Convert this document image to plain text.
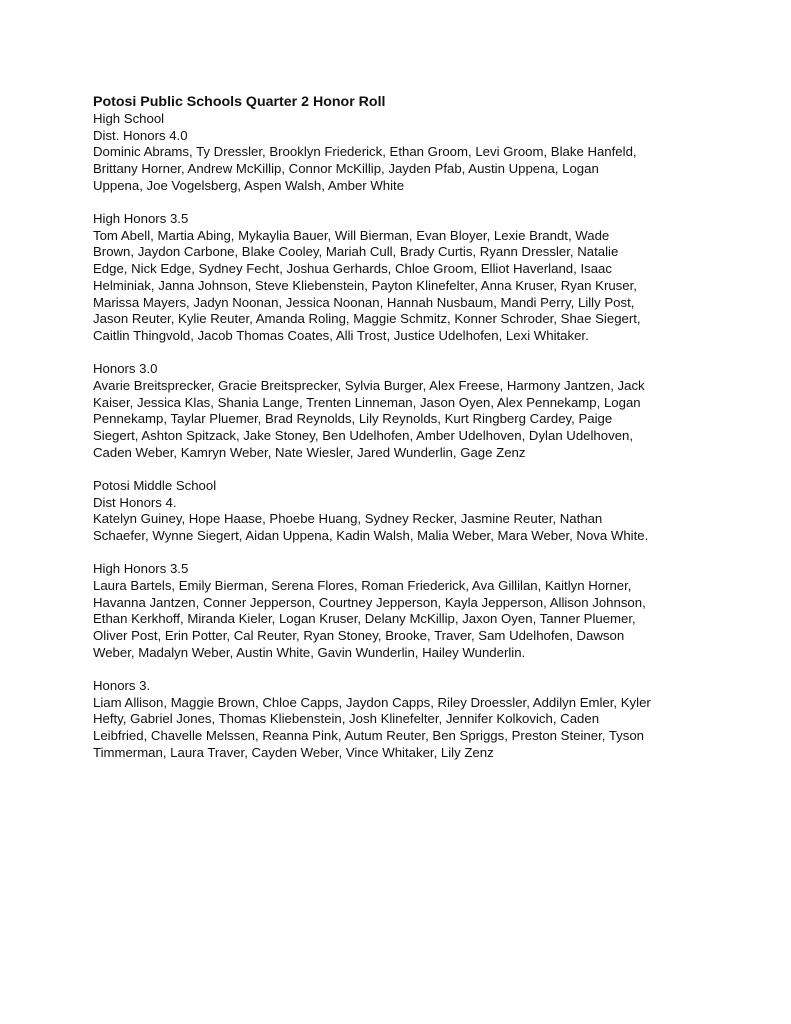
Potosi Public Schools Quarter 2 Honor Roll

High School

Dist. Honors 4.0

Dominic Abrams, Ty Dressler, Brooklyn Friederick, Ethan Groom, Levi Groom, Blake Hanfeld,

Brittany Horner, Andrew McKillip, Connor McKillip, Jayden Pfab, Austin Uppena, Logan

Uppena, Joe Vogelsberg, Aspen Walsh, Amber White

High Honors 3.5

Tom Abell, Martia Abing, Mykaylia Bauer, Will Bierman, Evan Bloyer, Lexie Brandt, Wade

Brown, Jaydon Carbone, Blake Cooley, Mariah Cull, Brady Curtis, Ryann Dressler, Natalie

Edge, Nick Edge, Sydney Fecht, Joshua Gerhards, Chloe Groom, Elliot Haverland, Isaac

Helminiak, Janna Johnson, Steve Kliebenstein, Payton Klinefelter, Anna Kruser, Ryan Kruser,

Marissa Mayers, Jadyn Noonan, Jessica Noonan, Hannah Nusbaum, Mandi Perry, Lilly Post,

Jason Reuter, Kylie Reuter, Amanda Roling, Maggie Schmitz, Konner Schroder, Shae Siegert,

Caitlin Thingvold, Jacob Thomas Coates, Alli Trost, Justice Udelhofen, Lexi Whitaker.

Honors 3.0

Avarie Breitsprecker, Gracie Breitsprecker, Sylvia Burger, Alex Freese, Harmony Jantzen, Jack

Kaiser, Jessica Klas, Shania Lange, Trenten Linneman, Jason Oyen, Alex Pennekamp, Logan

Pennekamp, Taylar Pluemer, Brad Reynolds, Lily Reynolds, Kurt Ringberg Cardey, Paige

Siegert, Ashton Spitzack, Jake Stoney, Ben Udelhofen, Amber Udelhoven, Dylan Udelhoven,

Caden Weber, Kamryn Weber, Nate Wiesler, Jared Wunderlin, Gage Zenz

Potosi Middle School

Dist Honors 4.

Katelyn Guiney, Hope Haase, Phoebe Huang, Sydney Recker, Jasmine Reuter, Nathan

Schaefer, Wynne Siegert, Aidan Uppena, Kadin Walsh, Malia Weber, Mara Weber, Nova White.

High Honors 3.5

Laura Bartels, Emily Bierman, Serena Flores, Roman Friederick, Ava Gillilan, Kaitlyn Horner,

Havanna Jantzen, Conner Jepperson, Courtney Jepperson, Kayla Jepperson, Allison Johnson,

Ethan Kerkhoff, Miranda Kieler, Logan Kruser, Delany McKillip, Jaxon Oyen, Tanner Pluemer,

Oliver Post, Erin Potter, Cal Reuter, Ryan Stoney, Brooke, Traver, Sam Udelhofen, Dawson

Weber, Madalyn Weber, Austin White, Gavin Wunderlin, Hailey Wunderlin.

Honors 3.

Liam Allison, Maggie Brown, Chloe Capps, Jaydon Capps, Riley Droessler, Addilyn Emler, Kyler

Hefty, Gabriel Jones, Thomas Kliebenstein, Josh Klinefelter, Jennifer Kolkovich, Caden

Leibfried, Chavelle Melssen, Reanna Pink, Autum Reuter, Ben Spriggs, Preston Steiner, Tyson

Timmerman, Laura Traver, Cayden Weber, Vince Whitaker, Lily Zenz
